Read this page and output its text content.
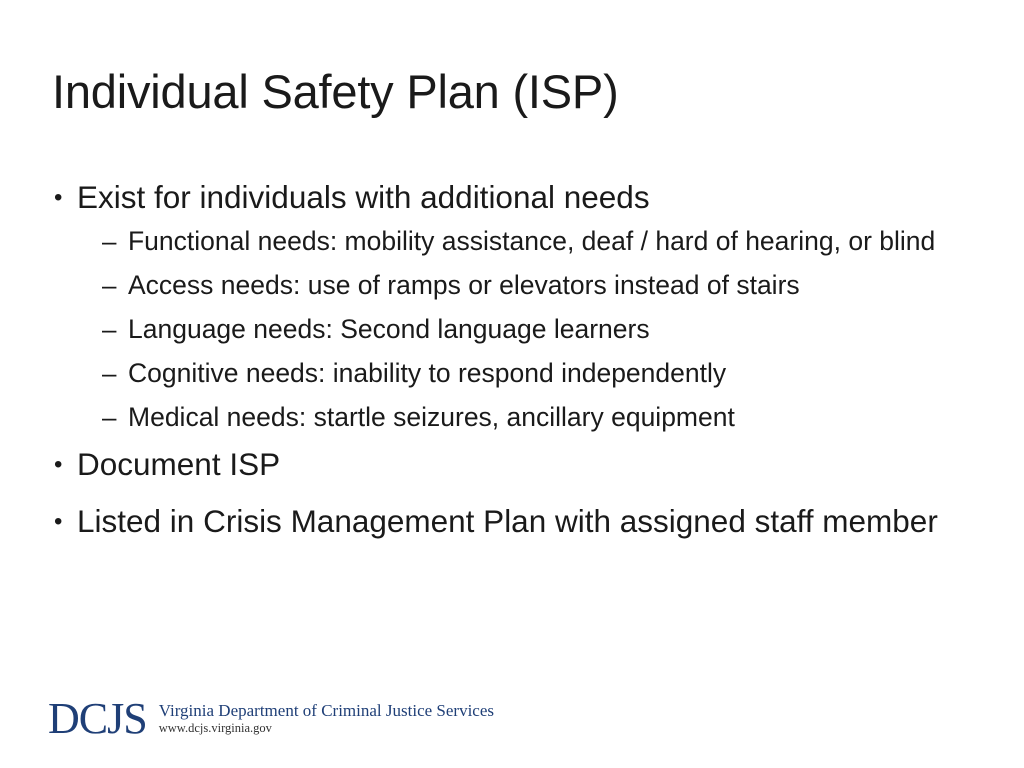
Individual Safety Plan (ISP)
• Exist for individuals with additional needs
– Functional needs: mobility assistance, deaf / hard of hearing, or blind
– Access needs: use of ramps or elevators instead of stairs
– Language needs: Second language learners
– Cognitive needs: inability to respond independently
– Medical needs: startle seizures, ancillary equipment
• Document ISP
• Listed in Crisis Management Plan with assigned staff member
DCJS Virginia Department of Criminal Justice Services
www.dcjs.virginia.gov
